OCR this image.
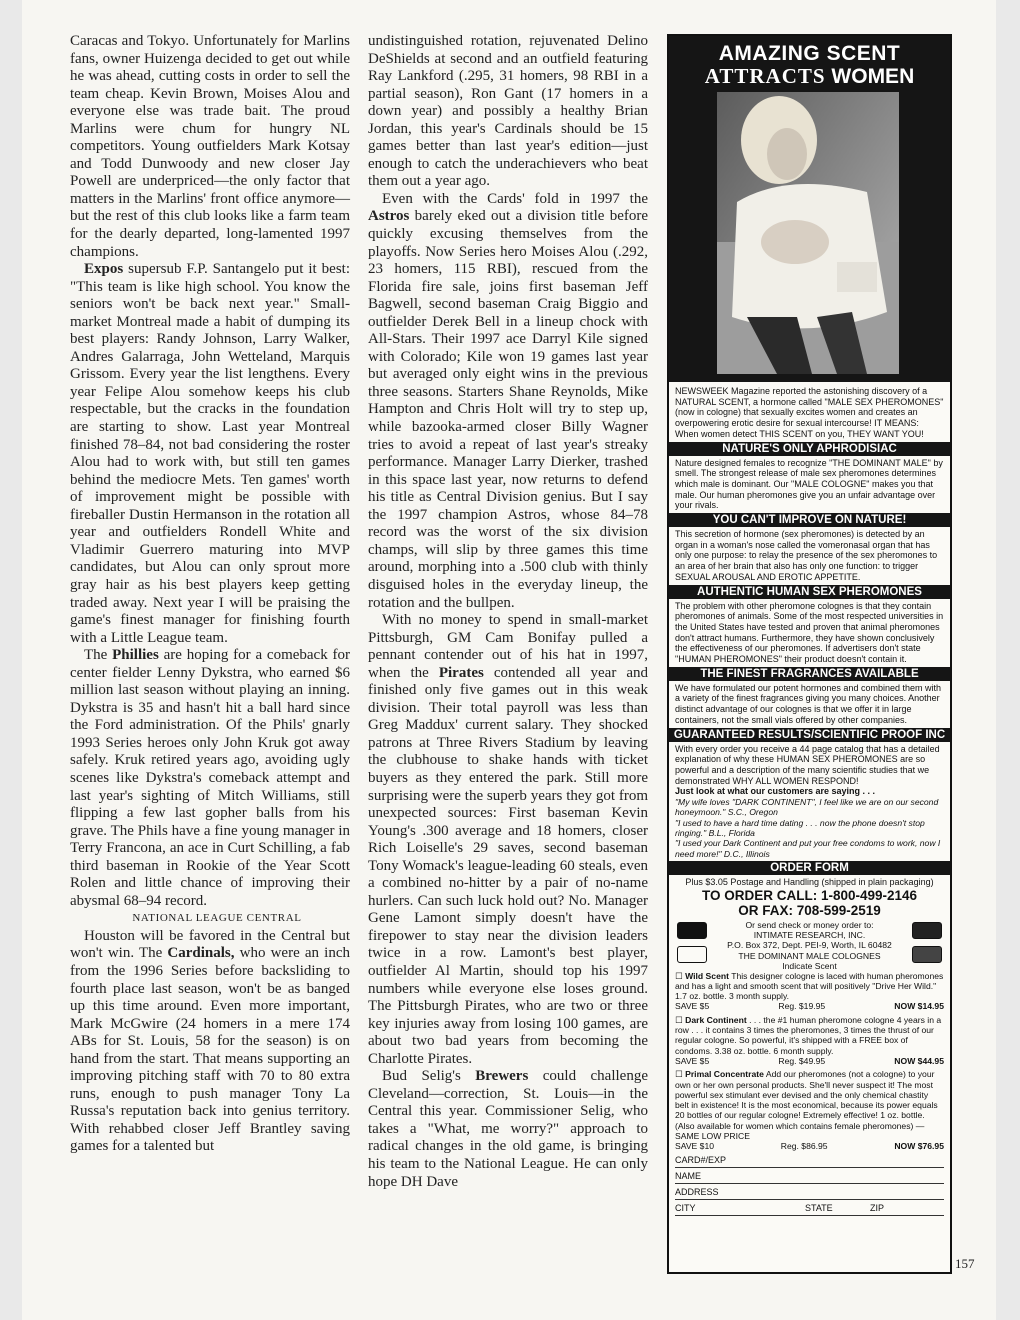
Caracas and Tokyo. Unfortunately for Marlins fans, owner Huizenga decided to get out while he was ahead, cutting costs in order to sell the team cheap. Kevin Brown, Moises Alou and everyone else was trade bait. The proud Marlins were chum for hungry NL competitors. Young outfielders Mark Kotsay and Todd Dunwoody and new closer Jay Powell are underpriced—the only factor that matters in the Marlins' front office anymore—but the rest of this club looks like a farm team for the dearly departed, long-lamented 1997 champions.

Expos supersub F.P. Santangelo put it best: "This team is like high school. You know the seniors won't be back next year." Small-market Montreal made a habit of dumping its best players: Randy Johnson, Larry Walker, Andres Galarraga, John Wetteland, Marquis Grissom. Every year the list lengthens. Every year Felipe Alou somehow keeps his club respectable, but the cracks in the foundation are starting to show. Last year Montreal finished 78–84, not bad considering the roster Alou had to work with, but still ten games behind the mediocre Mets. Ten games' worth of improvement might be possible with fireballer Dustin Hermanson in the rotation all year and outfielders Rondell White and Vladimir Guerrero maturing into MVP candidates, but Alou can only sprout more gray hair as his best players keep getting traded away. Next year I will be praising the game's finest manager for finishing fourth with a Little League team.

The Phillies are hoping for a comeback for center fielder Lenny Dykstra, who earned $6 million last season without playing an inning. Dykstra is 35 and hasn't hit a ball hard since the Ford administration. Of the Phils' gnarly 1993 Series heroes only John Kruk got away safely. Kruk retired years ago, avoiding ugly scenes like Dykstra's comeback attempt and last year's sighting of Mitch Williams, still flipping a few last gopher balls from his grave. The Phils have a fine young manager in Terry Francona, an ace in Curt Schilling, a fab third baseman in Rookie of the Year Scott Rolen and little chance of improving their abysmal 68–94 record.

NATIONAL LEAGUE CENTRAL

Houston will be favored in the Central but won't win. The Cardinals, who were an inch from the 1996 Series before backsliding to fourth place last season, won't be as banged up this time around. Even more important, Mark McGwire (24 homers in a mere 174 ABs for St. Louis, 58 for the season) is on hand from the start. That means supporting an improving pitching staff with 70 to 80 extra runs, enough to push manager Tony La Russa's reputation back into genius territory. With rehabbed closer Jeff Brantley saving games for a talented but

undistinguished rotation, rejuvenated Delino DeShields at second and an outfield featuring Ray Lankford (.295, 31 homers, 98 RBI in a partial season), Ron Gant (17 homers in a down year) and possibly a healthy Brian Jordan, this year's Cardinals should be 15 games better than last year's edition—just enough to catch the underachievers who beat them out a year ago.

Even with the Cards' fold in 1997 the Astros barely eked out a division title before quickly excusing themselves from the playoffs. Now Series hero Moises Alou (.292, 23 homers, 115 RBI), rescued from the Florida fire sale, joins first baseman Jeff Bagwell, second baseman Craig Biggio and outfielder Derek Bell in a lineup chock with All-Stars. Their 1997 ace Darryl Kile signed with Colorado; Kile won 19 games last year but averaged only eight wins in the previous three seasons. Starters Shane Reynolds, Mike Hampton and Chris Holt will try to step up, while bazooka-armed closer Billy Wagner tries to avoid a repeat of last year's streaky performance. Manager Larry Dierker, trashed in this space last year, now returns to defend his title as Central Division genius. But I say the 1997 champion Astros, whose 84–78 record was the worst of the six division champs, will slip by three games this time around, morphing into a .500 club with thinly disguised holes in the everyday lineup, the rotation and the bullpen.

With no money to spend in small-market Pittsburgh, GM Cam Bonifay pulled a pennant contender out of his hat in 1997, when the Pirates contended all year and finished only five games out in this weak division. Their total payroll was less than Greg Maddux' current salary. They shocked patrons at Three Rivers Stadium by leaving the clubhouse to shake hands with ticket buyers as they entered the park. Still more surprising were the superb years they got from unexpected sources: First baseman Kevin Young's .300 average and 18 homers, closer Rich Loiselle's 29 saves, second baseman Tony Womack's league-leading 60 steals, even a combined no-hitter by a pair of no-name hurlers. Can such luck hold out? No. Manager Gene Lamont simply doesn't have the firepower to stay near the division leaders twice in a row. Lamont's best player, outfielder Al Martin, should top his 1997 numbers while everyone else loses ground. The Pittsburgh Pirates, who are two or three key injuries away from losing 100 games, are about two bad years from becoming the Charlotte Pirates.

Bud Selig's Brewers could challenge Cleveland—correction, St. Louis—in the Central this year. Commissioner Selig, who takes a "What, me worry?" approach to radical changes in the old game, is bringing his team to the National League. He can only hope DH Dave

AMAZING SCENT
ATTRACTS WOMEN

NEWSWEEK Magazine reported the astonishing discovery of a NATURAL SCENT, a hormone called "MALE SEX PHEROMONES" (now in cologne) that sexually excites women and creates an overpowering erotic desire for sexual intercourse! IT MEANS: When women detect THIS SCENT on you, THEY WANT YOU!

NATURE'S ONLY APHRODISIAC

Nature designed females to recognize "THE DOMINANT MALE" by smell. The strongest release of male sex pheromones determines which male is dominant. Our "MALE COLOGNE" makes you that male. Our human pheromones give you an unfair advantage over your rivals.

YOU CAN'T IMPROVE ON NATURE!

This secretion of hormone (sex pheromones) is detected by an organ in a woman's nose called the vomeronasal organ that has only one purpose: to relay the presence of the sex pheromones to an area of her brain that also has only one function: to trigger SEXUAL AROUSAL AND EROTIC APPETITE.

AUTHENTIC HUMAN SEX PHEROMONES

The problem with other pheromone colognes is that they contain pheromones of animals. Some of the most respected universities in the United States have tested and proven that animal pheromones don't attract humans. Furthermore, they have shown conclusively the effectiveness of our pheromones. If advertisers don't state "HUMAN PHEROMONES" their product doesn't contain it.

THE FINEST FRAGRANCES AVAILABLE

We have formulated our potent hormones and combined them with a variety of the finest fragrances giving you many choices. Another distinct advantage of our colognes is that we offer it in large containers, not the small vials offered by other companies.

GUARANTEED RESULTS/SCIENTIFIC PROOF INC

With every order you receive a 44 page catalog that has a detailed explanation of why these HUMAN SEX PHEROMONES are so powerful and a description of the many scientific studies that we demonstrated WHY ALL WOMEN RESPOND!

Just look at what our customers are saying . . .

"My wife loves "DARK CONTINENT", I feel like we are on our second honeymoon." S.C., Oregon

"I used to have a hard time dating . . . now the phone doesn't stop ringing." B.L., Florida

"I used your Dark Continent and put your free condoms to work, now I need more!" D.C., Illinois

ORDER FORM

Plus $3.05 Postage and Handling (shipped in plain packaging)

TO ORDER CALL: 1-800-499-2146
OR FAX: 708-599-2519
Or send check or money order to:
INTIMATE RESEARCH, INC.
P.O. Box 372, Dept. PEI-9, Worth, IL 60482
THE DOMINANT MALE COLOGNES
Indicate Scent
☐ Wild Scent This designer cologne is laced with human pheromones and has a light and smooth scent that will positively "Drive Her Wild." 1.7 oz. bottle. 3 month supply.
SAVE $5	Reg. $19.95	NOW $14.95
☐ Dark Continent . . . the #1 human pheromone cologne 4 years in a row . . . it contains 3 times the pheromones, 3 times the thrust of our regular cologne. So powerful, it's shipped with a FREE box of condoms. 3.38 oz. bottle. 6 month supply.
SAVE $5	Reg. $49.95	NOW $44.95
☐ Primal Concentrate Add our pheromones (not a cologne) to your own or her own personal products. She'll never suspect it! The most powerful sex stimulant ever devised and the only chemical chastity belt in existence! It is the most economical, because its power equals 20 bottles of our regular cologne! Extremely effective! 1 oz. bottle. (Also available for women which contains female pheromones) — SAME LOW PRICE
SAVE $10	Reg. $86.95	NOW $76.95
CARD#/EXP
NAME
ADDRESS
CITY	STATE	ZIP
157
